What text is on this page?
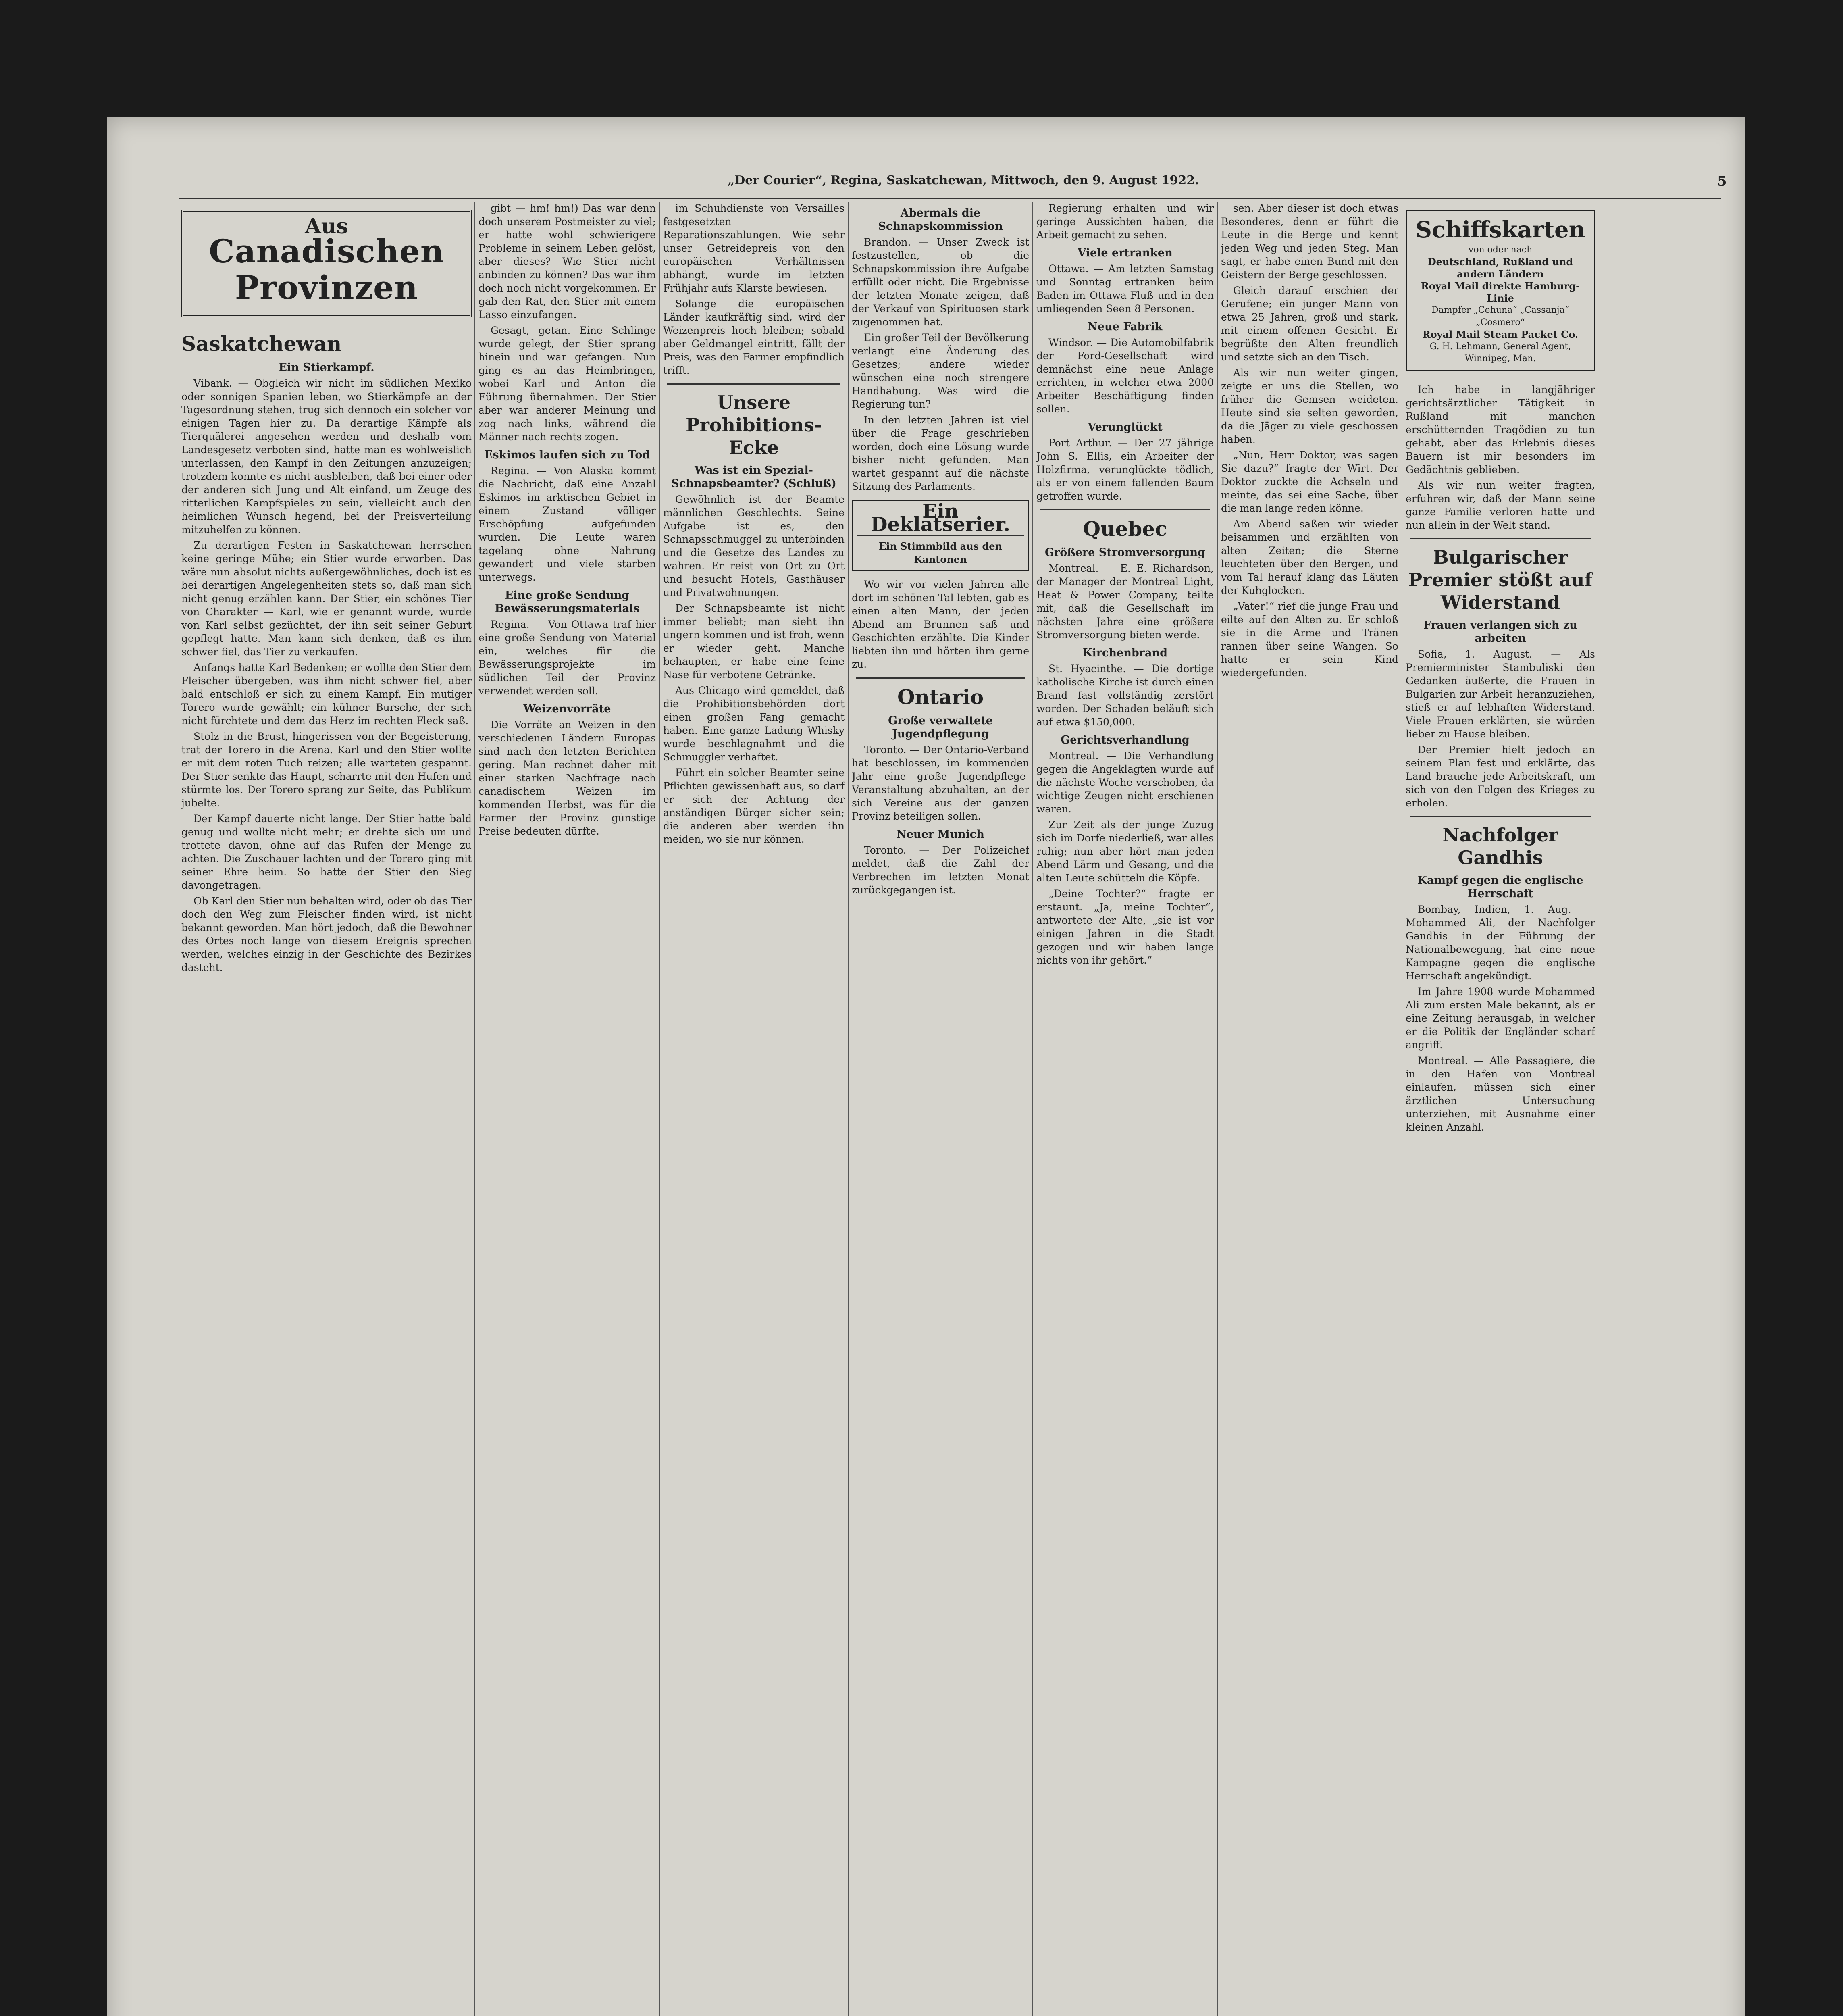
„Der Courier“, Regina, Saskatchewan, Mittwoch, den 9. August 1922.	5
Aus
Canadischen Provinzen
Saskatchewan
Ein Stierkampf.

Vibank. — Obgleich wir nicht im südlichen Mexiko oder sonnigen Spanien leben, wo Stierkämpfe an der Tagesordnung stehen, trug sich dennoch ein solcher vor einigen Tagen hier zu. Da derartige Kämpfe als Tierquälerei angesehen werden und deshalb vom Landesgesetz verboten sind, hatte man es wohlweislich unterlassen, den Kampf in den Zeitungen anzuzeigen; trotzdem konnte es nicht ausbleiben, daß bei einer oder der anderen sich Jung und Alt einfand, um Zeuge des ritterlichen Kampfspieles zu sein, vielleicht auch den heimlichen Wunsch hegend, bei der Preisverteilung mitzuhelfen zu können.

Zu derartigen Festen in Saskatchewan herrschen keine geringe Mühe; ein Stier wurde erworben. Das wäre nun absolut nichts außergewöhnliches, doch ist es bei derartigen Angelegenheiten stets so, daß man sich nicht genug erzählen kann. Der Stier, ein schönes Tier von Charakter — Karl, wie er genannt wurde, wurde von Karl selbst gezüchtet, der ihn seit seiner Geburt gepflegt hatte. Man kann sich denken, daß es ihm schwer fiel, das Tier zu verkaufen.

Anfangs hatte Karl Bedenken; er wollte den Stier dem Fleischer übergeben, was ihm nicht schwer fiel, aber bald entschloß er sich zu einem Kampf. Ein mutiger Torero wurde gewählt; ein kühner Bursche, der sich nicht fürchtete und dem das Herz im rechten Fleck saß.

Stolz in die Brust, hingerissen von der Begeisterung, trat der Torero in die Arena. Karl und den Stier wollte er mit dem roten Tuch reizen; alle warteten gespannt. Der Stier senkte das Haupt, scharrte mit den Hufen und stürmte los. Der Torero sprang zur Seite, das Publikum jubelte.

Der Kampf dauerte nicht lange. Der Stier hatte bald genug und wollte nicht mehr; er drehte sich um und trottete davon, ohne auf das Rufen der Menge zu achten. Die Zuschauer lachten und der Torero ging mit seiner Ehre heim. So hatte der Stier den Sieg davongetragen.

Ob Karl den Stier nun behalten wird, oder ob das Tier doch den Weg zum Fleischer finden wird, ist nicht bekannt geworden. Man hört jedoch, daß die Bewohner des Ortes noch lange von diesem Ereignis sprechen werden, welches einzig in der Geschichte des Bezirkes dasteht.

gibt — hm! hm!) Das war denn doch unserem Postmeister zu viel; er hatte wohl schwierigere Probleme in seinem Leben gelöst, aber dieses? Wie Stier nicht anbinden zu können? Das war ihm doch noch nicht vorgekommen. Er gab den Rat, den Stier mit einem Lasso einzufangen.

Gesagt, getan. Eine Schlinge wurde gelegt, der Stier sprang hinein und war gefangen. Nun ging es an das Heimbringen, wobei Karl und Anton die Führung übernahmen. Der Stier aber war anderer Meinung und zog nach links, während die Männer nach rechts zogen.

Eskimos laufen sich zu Tod

Regina. — Von Alaska kommt die Nachricht, daß eine Anzahl Eskimos im arktischen Gebiet in einem Zustand völliger Erschöpfung aufgefunden wurden. Die Leute waren tagelang ohne Nahrung gewandert und viele starben unterwegs.

Eine große Sendung Bewässerungsmaterials

Regina. — Von Ottawa traf hier eine große Sendung von Material ein, welches für die Bewässerungsprojekte im südlichen Teil der Provinz verwendet werden soll.

Weizenvorräte

Die Vorräte an Weizen in den verschiedenen Ländern Europas sind nach den letzten Berichten gering. Man rechnet daher mit einer starken Nachfrage nach canadischem Weizen im kommenden Herbst, was für die Farmer der Provinz günstige Preise bedeuten dürfte.

im Schuhdienste von Versailles festgesetzten Reparationszahlungen. Wie sehr unser Getreidepreis von den europäischen Verhältnissen abhängt, wurde im letzten Frühjahr aufs Klarste bewiesen.

Solange die europäischen Länder kaufkräftig sind, wird der Weizenpreis hoch bleiben; sobald aber Geldmangel eintritt, fällt der Preis, was den Farmer empfindlich trifft.

Unsere Prohibitions-Ecke
Was ist ein Spezial-Schnapsbeamter? (Schluß)

Gewöhnlich ist der Beamte männlichen Geschlechts. Seine Aufgabe ist es, den Schnapsschmuggel zu unterbinden und die Gesetze des Landes zu wahren. Er reist von Ort zu Ort und besucht Hotels, Gasthäuser und Privatwohnungen.

Der Schnapsbeamte ist nicht immer beliebt; man sieht ihn ungern kommen und ist froh, wenn er wieder geht. Manche behaupten, er habe eine feine Nase für verbotene Getränke.

Aus Chicago wird gemeldet, daß die Prohibitionsbehörden dort einen großen Fang gemacht haben. Eine ganze Ladung Whisky wurde beschlagnahmt und die Schmuggler verhaftet.

Führt ein solcher Beamter seine Pflichten gewissenhaft aus, so darf er sich der Achtung der anständigen Bürger sicher sein; die anderen aber werden ihn meiden, wo sie nur können.

Abermals die Schnapskommission

Brandon. — Unser Zweck ist festzustellen, ob die Schnapskommission ihre Aufgabe erfüllt oder nicht. Die Ergebnisse der letzten Monate zeigen, daß der Verkauf von Spirituosen stark zugenommen hat.

Ein großer Teil der Bevölkerung verlangt eine Änderung des Gesetzes; andere wieder wünschen eine noch strengere Handhabung. Was wird die Regierung tun?

In den letzten Jahren ist viel über die Frage geschrieben worden, doch eine Lösung wurde bisher nicht gefunden. Man wartet gespannt auf die nächste Sitzung des Parlaments.

Ein Deklatserier.
Ein Stimmbild aus den Kantonen

Wo wir vor vielen Jahren alle dort im schönen Tal lebten, gab es einen alten Mann, der jeden Abend am Brunnen saß und Geschichten erzählte. Die Kinder liebten ihn und hörten ihm gerne zu.

Ontario
Große verwaltete Jugendpflegung

Toronto. — Der Ontario-Verband hat beschlossen, im kommenden Jahr eine große Jugendpflege-Veranstaltung abzuhalten, an der sich Vereine aus der ganzen Provinz beteiligen sollen.

Neuer Munich

Toronto. — Der Polizeichef meldet, daß die Zahl der Verbrechen im letzten Monat zurückgegangen ist.

Regierung erhalten und wir geringe Aussichten haben, die Arbeit gemacht zu sehen.

Viele ertranken

Ottawa. — Am letzten Samstag und Sonntag ertranken beim Baden im Ottawa-Fluß und in den umliegenden Seen 8 Personen.

Neue Fabrik

Windsor. — Die Automobilfabrik der Ford-Gesellschaft wird demnächst eine neue Anlage errichten, in welcher etwa 2000 Arbeiter Beschäftigung finden sollen.

Verunglückt

Port Arthur. — Der 27 jährige John S. Ellis, ein Arbeiter der Holzfirma, verunglückte tödlich, als er von einem fallenden Baum getroffen wurde.

Quebec
Größere Stromversorgung

Montreal. — E. E. Richardson, der Manager der Montreal Light, Heat & Power Company, teilte mit, daß die Gesellschaft im nächsten Jahre eine größere Stromversorgung bieten werde.

Kirchenbrand

St. Hyacinthe. — Die dortige katholische Kirche ist durch einen Brand fast vollständig zerstört worden. Der Schaden beläuft sich auf etwa $150,000.

Gerichtsverhandlung

Montreal. — Die Verhandlung gegen die Angeklagten wurde auf die nächste Woche verschoben, da wichtige Zeugen nicht erschienen waren.

Zur Zeit als der junge Zuzug sich im Dorfe niederließ, war alles ruhig; nun aber hört man jeden Abend Lärm und Gesang, und die alten Leute schütteln die Köpfe.

„Deine Tochter?“ fragte er erstaunt. „Ja, meine Tochter“, antwortete der Alte, „sie ist vor einigen Jahren in die Stadt gezogen und wir haben lange nichts von ihr gehört.“

sen. Aber dieser ist doch etwas Besonderes, denn er führt die Leute in die Berge und kennt jeden Weg und jeden Steg. Man sagt, er habe einen Bund mit den Geistern der Berge geschlossen.

Gleich darauf erschien der Gerufene; ein junger Mann von etwa 25 Jahren, groß und stark, mit einem offenen Gesicht. Er begrüßte den Alten freundlich und setzte sich an den Tisch.

Als wir nun weiter gingen, zeigte er uns die Stellen, wo früher die Gemsen weideten. Heute sind sie selten geworden, da die Jäger zu viele geschossen haben.

„Nun, Herr Doktor, was sagen Sie dazu?“ fragte der Wirt. Der Doktor zuckte die Achseln und meinte, das sei eine Sache, über die man lange reden könne.

Am Abend saßen wir wieder beisammen und erzählten von alten Zeiten; die Sterne leuchteten über den Bergen, und vom Tal herauf klang das Läuten der Kuhglocken.

„Vater!“ rief die junge Frau und eilte auf den Alten zu. Er schloß sie in die Arme und Tränen rannen über seine Wangen. So hatte er sein Kind wiedergefunden.

Schiffskarten
von oder nach
Deutschland, Rußland und andern Ländern
Royal Mail direkte Hamburg-Linie
Dampfer „Cehuna“ „Cassanja“ „Cosmero“
Royal Mail Steam Packet Co.
G. H. Lehmann, General Agent, Winnipeg, Man.

Ich habe in langjähriger gerichtsärztlicher Tätigkeit in Rußland mit manchen erschütternden Tragödien zu tun gehabt, aber das Erlebnis dieses Bauern ist mir besonders im Gedächtnis geblieben.

Als wir nun weiter fragten, erfuhren wir, daß der Mann seine ganze Familie verloren hatte und nun allein in der Welt stand.

Bulgarischer Premier stößt auf Widerstand
Frauen verlangen sich zu arbeiten

Sofia, 1. August. — Als Premierminister Stambuliski den Gedanken äußerte, die Frauen in Bulgarien zur Arbeit heranzuziehen, stieß er auf lebhaften Widerstand. Viele Frauen erklärten, sie würden lieber zu Hause bleiben.

Der Premier hielt jedoch an seinem Plan fest und erklärte, das Land brauche jede Arbeitskraft, um sich von den Folgen des Krieges zu erholen.

Nachfolger Gandhis
Kampf gegen die englische Herrschaft

Bombay, Indien, 1. Aug. — Mohammed Ali, der Nachfolger Gandhis in der Führung der Nationalbewegung, hat eine neue Kampagne gegen die englische Herrschaft angekündigt.

Im Jahre 1908 wurde Mohammed Ali zum ersten Male bekannt, als er eine Zeitung herausgab, in welcher er die Politik der Engländer scharf angriff.

Montreal. — Alle Passagiere, die in den Hafen von Montreal einlaufen, müssen sich einer ärztlichen Untersuchung unterziehen, mit Ausnahme einer kleinen Anzahl.
